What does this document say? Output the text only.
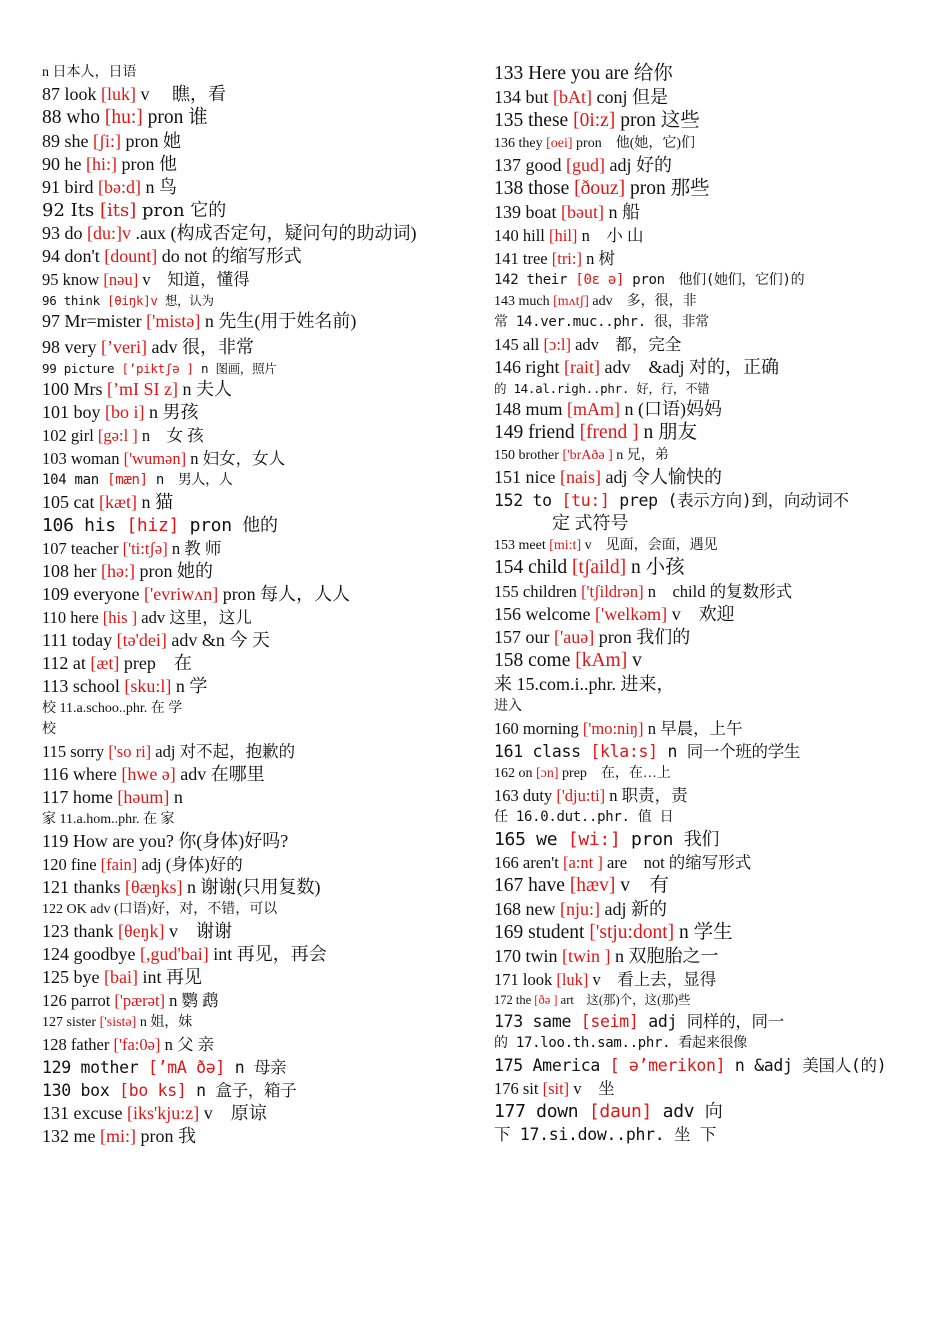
n 日本人，日语
87 look [luk] v　 瞧，看
88 who [hu:] pron 谁
89 she [ʃi:] pron 她
90 he [hi:] pron 他
91 bird [bə:d] n 鸟
92 Its [its] pron 它的
93 do [du:]v .aux (构成否定句，疑问句的助动词)
94 don't [dount] do not 的缩写形式
95 know [nəu] v　知道，懂得
96 think [θiŋk]v 想，认为
97 Mr=mister ['mistə] n 先生(用于姓名前)
98 very [’veri] adv 很，非常
99 picture [’piktʃə ] n 图画，照片
100 Mrs [’mI SI z] n 夫人
101 boy [bo i] n 男孩
102 girl [gə:l ] n　女 孩
103 woman ['wumən] n 妇女，女人
104 man [mæn] n　男人，人
105 cat [kæt] n 猫
106 his [hiz] pron 他的
107 teacher ['ti:tʃə] n 教 师
108 her [hə:] pron 她的
109 everyone ['evriwʌn] pron 每人，人人
110 here [his ] adv 这里，这儿
111 today [tə'dei] adv &n 今 天
112 at [æt] prep　在
113 school [sku:l] n 学
校 11.a.schoo..phr. 在 学
校
115 sorry ['so ri] adj 对不起，抱歉的
116 where [hwe ə] adv 在哪里
117 home [həum] n
家 11.a.hom..phr. 在 家
119 How are you? 你(身体)好吗?
120 fine [fain] adj (身体)好的
121 thanks [θæŋks] n 谢谢(只用复数)
122 OK adv (口语)好，对，不错，可以
123 thank [θeŋk] v　谢谢
124 goodbye [,gud'bai] int 再见，再会
125 bye [bai] int 再见
126 parrot ['pærət] n 鹦 鹉
127 sister ['sistə] n 姐，妹
128 father ['fa:0ə] n 父 亲
129 mother [’mA ðə] n 母亲
130 box [bo ks] n 盒子，箱子
131 excuse [iks'kju:z] v　原谅
132 me [mi:] pron 我
133 Here you are 给你
134 but [bAt] conj 但是
135 these [0i:z] pron 这些
136 they [oei] pron　他(她，它)们
137 good [gud] adj 好的
138 those [ðouz] pron 那些
139 boat [bəut] n 船
140 hill [hil] n　小 山
141 tree [tri:] n 树
142 their [0ɛ ə] pron　他们(她们，它们)的
143 much [mʌtʃ] adv　多，很，非
常 14.ver.muc..phr. 很，非常
145 all [ɔ:l] adv　都，完全
146 right [rait] adv　&adj 对的，正确
的 14.al.righ..phr. 好，行，不错
148 mum [mAm] n (口语)妈妈
149 friend [frend ] n 朋友
150 brother ['brAðə ] n 兄，弟
151 nice [nais] adj 令人愉快的
152 to [tu:] prep (表示方向)到，向动词不
定 式符号
153 meet [mi:t] v　见面，会面，遇见
154 child [tʃaild] n 小孩
155 children ['tʃildrən] n　child 的复数形式
156 welcome ['welkəm] v　欢迎
157 our ['auə] pron 我们的
158 come [kAm] v
来 15.com.i..phr. 进来，
进入
160 morning ['mo:niŋ] n 早晨，上午
161 class [kla:s] n 同一个班的学生
162 on [ɔn] prep　在，在…上
163 duty ['dju:ti] n 职责，责
任 16.0.dut..phr. 值 日
165 we [wi:] pron 我们
166 aren't [a:nt ] are　not 的缩写形式
167 have [hæv] v　有
168 new [nju:] adj 新的
169 student ['stju:dont] n 学生
170 twin [twin ] n 双胞胎之一
171 look [luk] v　看上去，显得
172 the [ðə ] art　这(那)个，这(那)些
173 same [seim] adj 同样的，同一
的 17.loo.th.sam..phr. 看起来很像
175 America [ ə’merikon] n &adj 美国人(的)
176 sit [sit] v　坐
177 down [daun] adv 向
下 17.si.dow..phr. 坐 下
